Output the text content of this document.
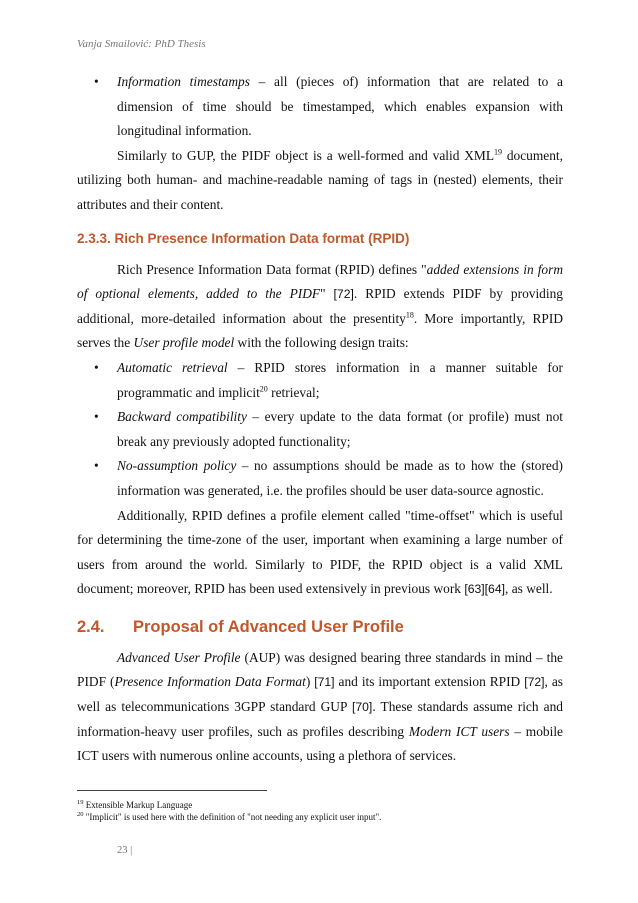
Vanja Smailović: PhD Thesis
• Information timestamps – all (pieces of) information that are related to a dimension of time should be timestamped, which enables expansion with longitudinal information.

Similarly to GUP, the PIDF object is a well-formed and valid XML$^{19}$ document, utilizing both human- and machine-readable naming of tags in (nested) elements, their attributes and their content.

2.3.3. Rich Presence Information Data format (RPID)

Rich Presence Information Data format (RPID) defines "added extensions in form of optional elements, added to the PIDF" [72]. RPID extends PIDF by providing additional, more-detailed information about the presentity$^{18}$. More importantly, RPID serves the User profile model with the following design traits:

• Automatic retrieval – RPID stores information in a manner suitable for programmatic and implicit$^{20}$ retrieval;
• Backward compatibility – every update to the data format (or profile) must not break any previously adopted functionality;
• No-assumption policy – no assumptions should be made as to how the (stored) information was generated, i.e. the profiles should be user data-source agnostic.

Additionally, RPID defines a profile element called "time-offset" which is useful for determining the time-zone of the user, important when examining a large number of users from around the world. Similarly to PIDF, the RPID object is a valid XML document; moreover, RPID has been used extensively in previous work [63][64], as well.

2.4. Proposal of Advanced User Profile

Advanced User Profile (AUP) was designed bearing three standards in mind – the PIDF (Presence Information Data Format) [71] and its important extension RPID [72], as well as telecommunications 3GPP standard GUP [70]. These standards assume rich and information-heavy user profiles, such as profiles describing Modern ICT users – mobile ICT users with numerous online accounts, using a plethora of services.

$^{19}$ Extensible Markup Language
$^{20}$ "Implicit" is used here with the definition of "not needing any explicit user input".
23 |
